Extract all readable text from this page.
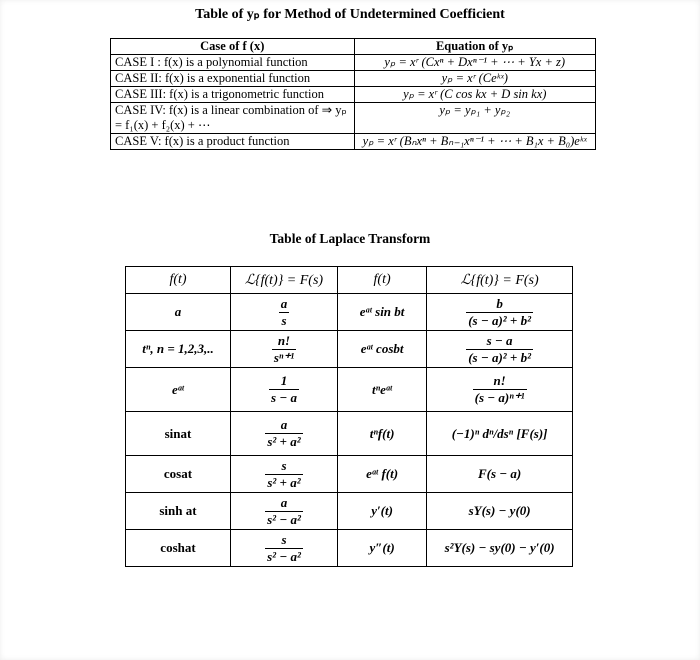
Table of yₚ for Method of Undetermined Coefficient
Case of f (x)	Equation of yₚ
CASE I : f(x) is a polynomial function	yₚ = xʳ (Cxⁿ + Dxⁿ⁻¹ + ⋯ + Yx + z)
CASE II: f(x) is a exponential function	yₚ = xʳ (Ceᵏˣ)
CASE III: f(x) is a trigonometric function	yₚ = xʳ (C cos kx + D sin kx)
CASE IV: f(x) is a linear combination of ⇒ yₚ = f₁(x) + f₂(x) + ⋯	yₚ = yₚ₁ + yₚ₂
CASE V: f(x) is a product function	yₚ = xʳ (Bₙxⁿ + Bₙ₋₁xⁿ⁻¹ + ⋯ + B₁x + B₀)eᵏˣ
Table of Laplace Transform
f(t)	ℒ{f(t)} = F(s)	f(t)	ℒ{f(t)} = F(s)
a	$\frac{a}{s}$	eᵃᵗ sin bt	$\frac{b}{\text{(s − a)² + b²}}$

tⁿ, n = 1,2,3,..	$\frac{n!}{\text{sⁿ⁺¹}}$	eᵃᵗ cosbt	$\frac{s - a}{\text{(s − a)² + b²}}$

eᵃᵗ	$\frac{1}{s - a}$	tⁿeᵃᵗ	$\frac{n!}{\text{(s − a)ⁿ⁺¹}}$

sinat	$\frac{a}{\text{s² + a²}}$	tⁿf(t)	(−1)ⁿ dⁿ/dsⁿ [F(s)]
cosat	$\frac{s}{\text{s² + a²}}$	eᵃᵗ f(t)	F(s − a)
sinh at	$\frac{a}{\text{s² − a²}}$	y′(t)	sY(s) − y(0)
coshat	$\frac{s}{\text{s² − a²}}$	y″(t)	s²Y(s) − sy(0) − y′(0)
